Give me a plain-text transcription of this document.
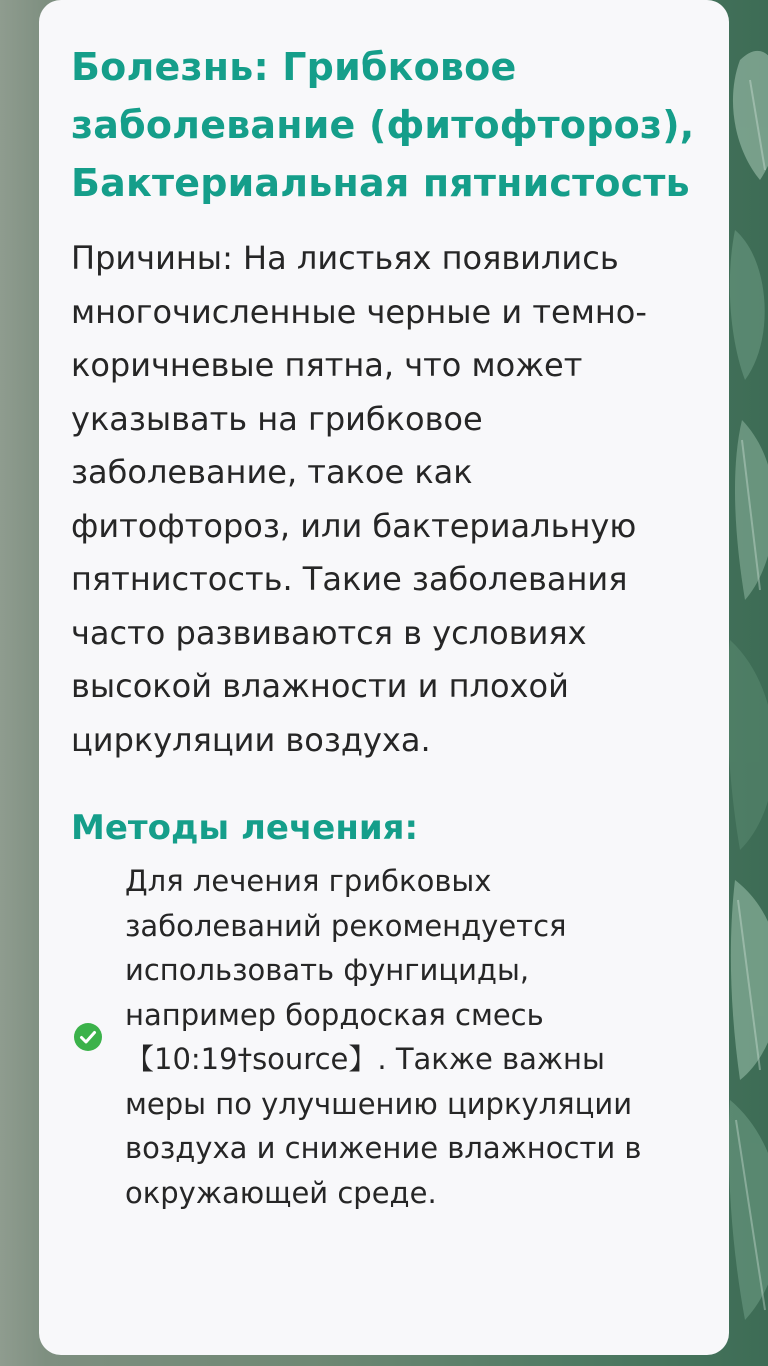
Болезнь: Грибковое заболевание (фитофтороз), Бактериальная пятнистость

Причины: На листьях появились многочисленные черные и темно-коричневые пятна, что может указывать на грибковое заболевание, такое как фитофтороз, или бактериальную пятнистость. Такие заболевания часто развиваются в условиях высокой влажности и плохой циркуляции воздуха.

Методы лечения:

Для лечения грибковых заболеваний рекомендуется использовать фунгициды, например бордоская смесь 【10:19†source】. Также важны меры по улучшению циркуляции воздуха и снижение влажности в окружающей среде.
